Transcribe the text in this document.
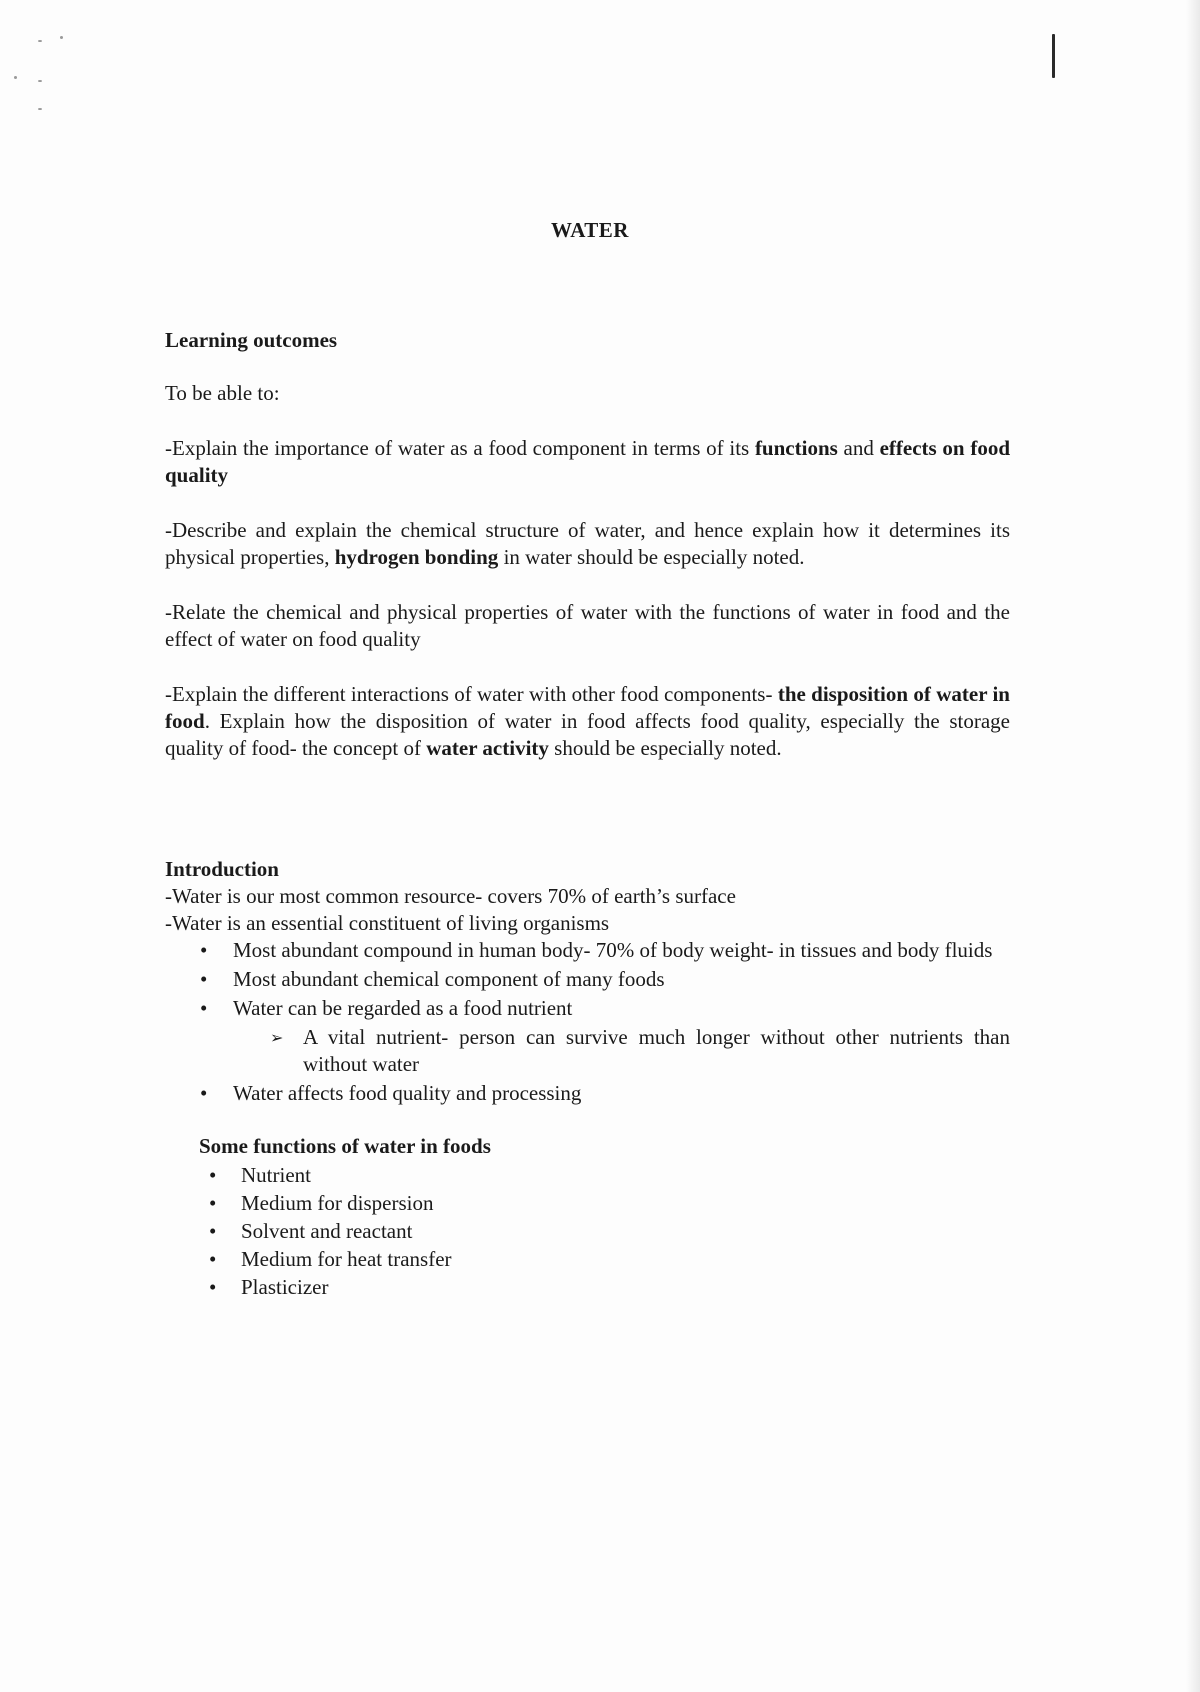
WATER

Learning outcomes

To be able to:

-Explain the importance of water as a food component in terms of its functions and effects on food quality

-Describe and explain the chemical structure of water, and hence explain how it determines its physical properties, hydrogen bonding in water should be especially noted.

-Relate the chemical and physical properties of water with the functions of water in food and the effect of water on food quality

-Explain the different interactions of water with other food components- the disposition of water in food. Explain how the disposition of water in food affects food quality, especially the storage quality of food- the concept of water activity should be especially noted.

Introduction

-Water is our most common resource- covers 70% of earth’s surface

-Water is an essential constituent of living organisms

• Most abundant compound in human body- 70% of body weight- in tissues and body fluids
• Most abundant chemical component of many foods
• Water can be regarded as a food nutrient
➢ A vital nutrient- person can survive much longer without other nutrients than without water
• Water affects food quality and processing

Some functions of water in foods

• Nutrient
• Medium for dispersion
• Solvent and reactant
• Medium for heat transfer
• Plasticizer
